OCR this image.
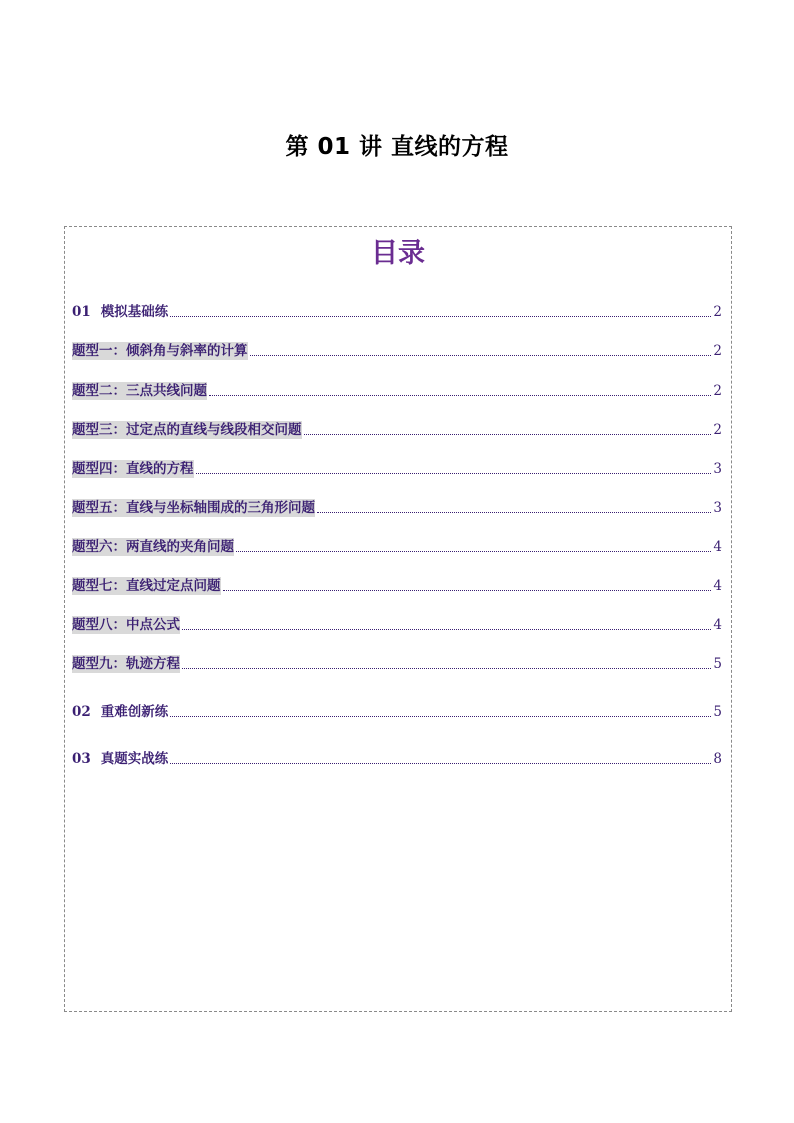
第 01 讲 直线的方程
目录
01 模拟基础练	2
题型一：倾斜角与斜率的计算	2
题型二：三点共线问题	2
题型三：过定点的直线与线段相交问题	2
题型四：直线的方程	3
题型五：直线与坐标轴围成的三角形问题	3
题型六：两直线的夹角问题	4
题型七：直线过定点问题	4
题型八：中点公式	4
题型九：轨迹方程	5
02 重难创新练	5
03 真题实战练	8
